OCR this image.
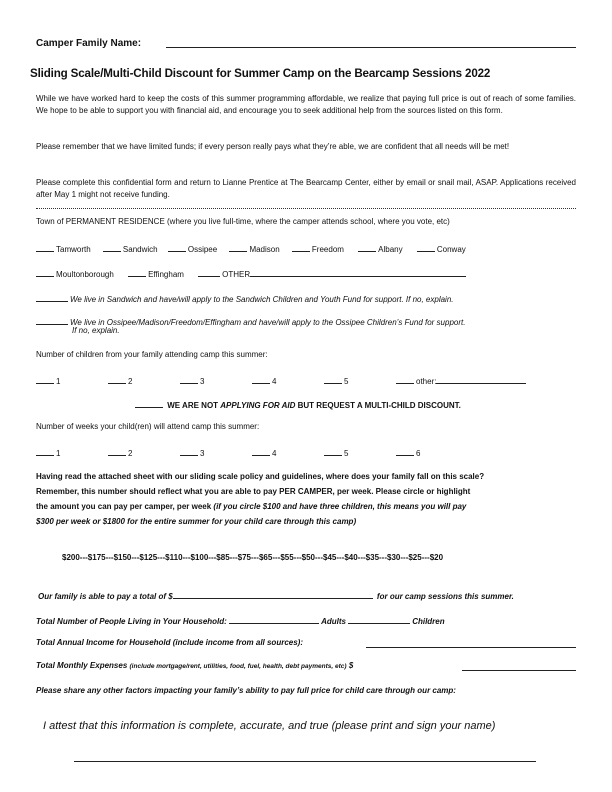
Camper Family Name:
Sliding Scale/Multi-Child Discount for Summer Camp on the Bearcamp Sessions 2022
While we have worked hard to keep the costs of this summer programming affordable, we realize that paying full price is out of reach of some families. We hope to be able to support you with financial aid, and encourage you to seek additional help from the sources listed on this form.
Please remember that we have limited funds; if every person really pays what they’re able, we are confident that all needs will be met!
Please complete this confidential form and return to Lianne Prentice at The Bearcamp Center, either by email or snail mail, ASAP. Applications received after May 1 might not receive funding.
Town of PERMANENT RESIDENCE (where you live full-time, where the camper attends school, where you vote, etc)
Tamworth	Sandwich	Ossipee	Madison	Freedom	Albany	Conway
Moultonborough	Effingham	OTHER
We live in Sandwich and have/will apply to the Sandwich Children and Youth Fund for support. If no, explain.
We live in Ossipee/Madison/Freedom/Effingham and have/will apply to the Ossipee Children’s Fund for support.
If no, explain.
Number of children from your family attending camp this summer:
1	2	3	4	5	other:
WE ARE NOT APPLYING FOR AID BUT REQUEST A MULTI-CHILD DISCOUNT.
Number of weeks your child(ren) will attend camp this summer:
1	2	3	4	5	6
Having read the attached sheet with our sliding scale policy and guidelines, where does your family fall on this scale?
Remember, this number should reflect what you are able to pay PER CAMPER, per week. Please circle or highlight
the amount you can pay per camper, per week (if you circle $100 and have three children, this means you will pay
$300 per week or $1800 for the entire summer for your child care through this camp)
$200---$175---$150---$125---$110---$100---$85---$75---$65---$55---$50---$45---$40---$35---$30---$25---$20
Our family is able to pay a total of $	for our camp sessions this summer.
Total Number of People Living in Your Household:	Adults	Children
Total Annual Income for Household (include income from all sources):
Total Monthly Expenses (include mortgage/rent, utilities, food, fuel, health, debt payments, etc) $
Please share any other factors impacting your family’s ability to pay full price for child care through our camp:
I attest that this information is complete, accurate, and true (please print and sign your name)
